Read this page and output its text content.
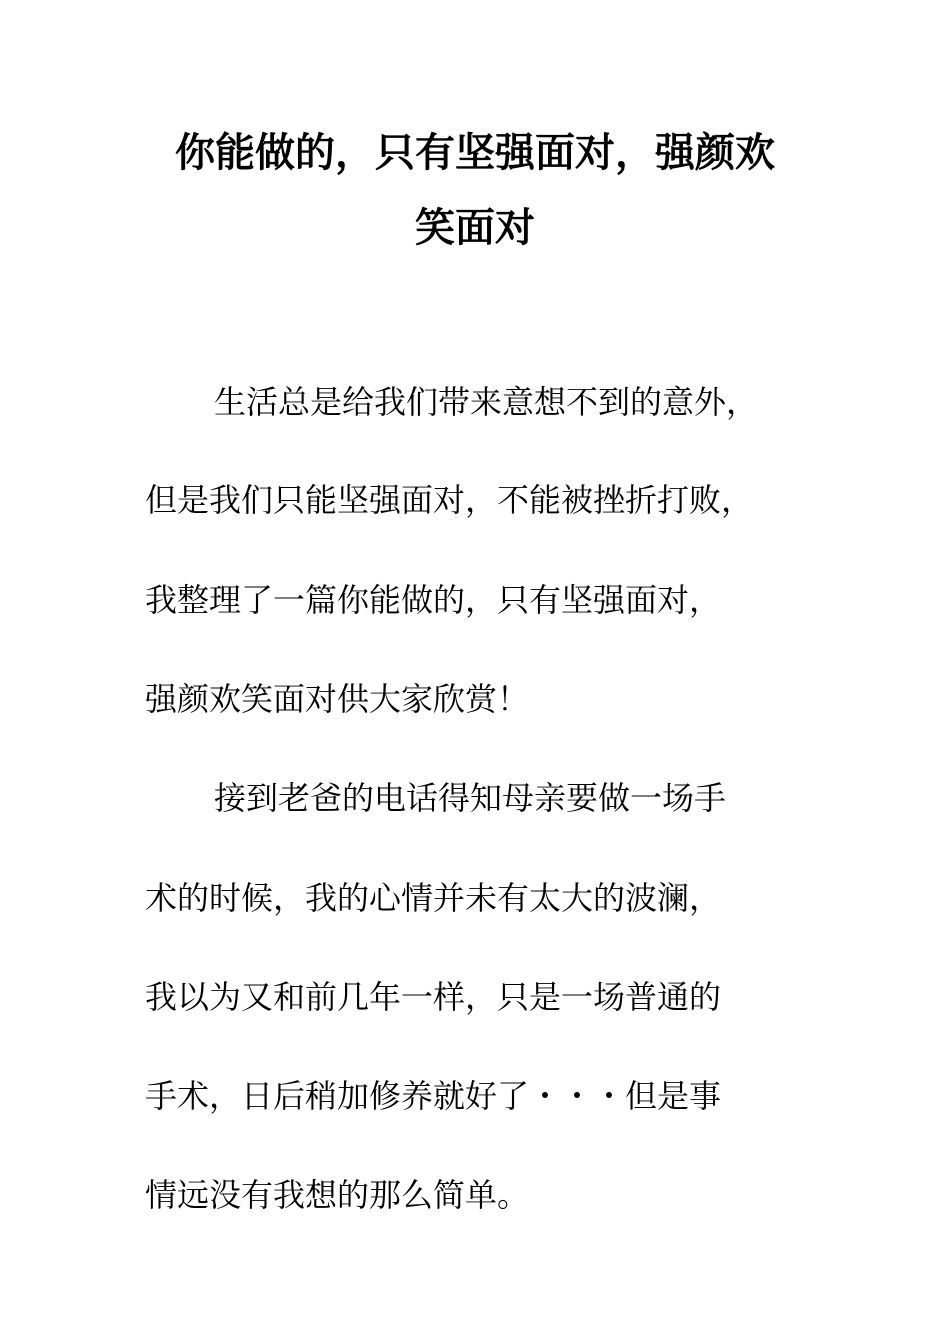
你能做的，只有坚强面对，强颜欢
笑面对
生活总是给我们带来意想不到的意外，
但是我们只能坚强面对，不能被挫折打败，
我整理了一篇你能做的，只有坚强面对，
强颜欢笑面对供大家欣赏！
接到老爸的电话得知母亲要做一场手
术的时候，我的心情并未有太大的波澜，
我以为又和前几年一样，只是一场普通的
手术，日后稍加修养就好了・・・但是事
情远没有我想的那么简单。
